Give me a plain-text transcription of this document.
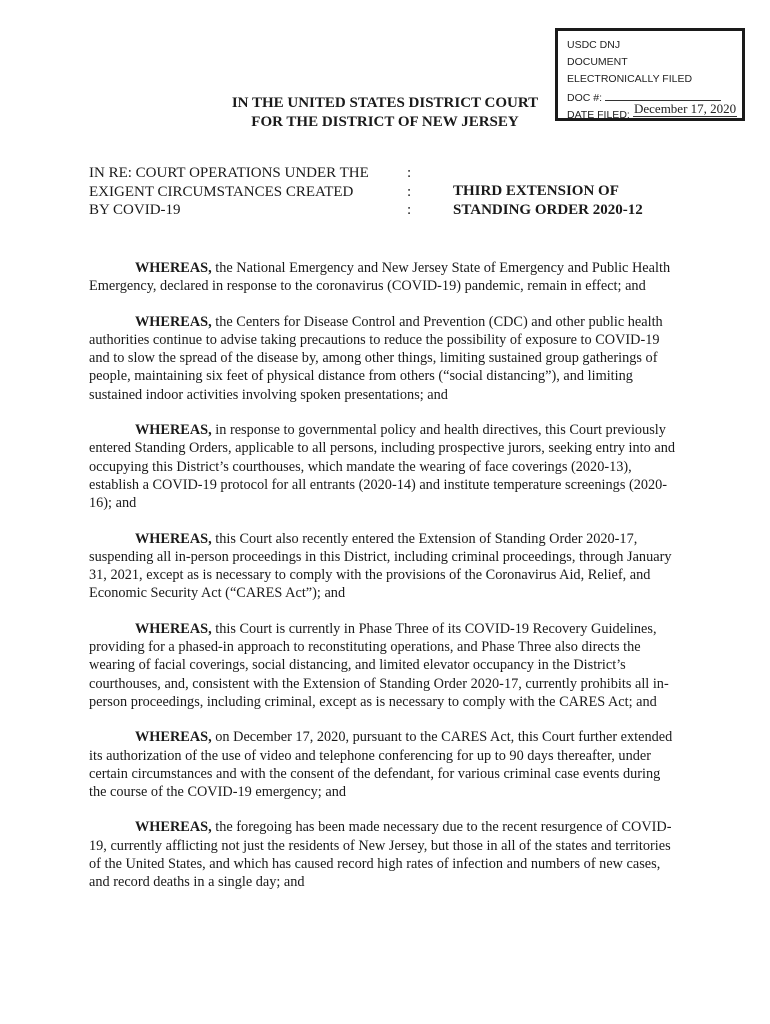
USDC DNJ
DOCUMENT
ELECTRONICALLY FILED
DOC #:
DATE FILED: December 17, 2020
IN THE UNITED STATES DISTRICT COURT
FOR THE DISTRICT OF NEW JERSEY
IN RE: COURT OPERATIONS UNDER THE
EXIGENT CIRCUMSTANCES CREATED
BY COVID-19
:
:
:
THIRD EXTENSION OF
STANDING ORDER 2020-12

WHEREAS, the National Emergency and New Jersey State of Emergency and Public Health Emergency, declared in response to the coronavirus (COVID-19) pandemic, remain in effect; and

WHEREAS, the Centers for Disease Control and Prevention (CDC) and other public health authorities continue to advise taking precautions to reduce the possibility of exposure to COVID-19 and to slow the spread of the disease by, among other things, limiting sustained group gatherings of people, maintaining six feet of physical distance from others (“social distancing”), and limiting sustained indoor activities involving spoken presentations; and

WHEREAS, in response to governmental policy and health directives, this Court previously entered Standing Orders, applicable to all persons, including prospective jurors, seeking entry into and occupying this District’s courthouses, which mandate the wearing of face coverings (2020-13), establish a COVID-19 protocol for all entrants (2020-14) and institute temperature screenings (2020-16); and

WHEREAS, this Court also recently entered the Extension of Standing Order 2020-17, suspending all in-person proceedings in this District, including criminal proceedings, through January 31, 2021, except as is necessary to comply with the provisions of the Coronavirus Aid, Relief, and Economic Security Act (“CARES Act”); and

WHEREAS, this Court is currently in Phase Three of its COVID-19 Recovery Guidelines, providing for a phased-in approach to reconstituting operations, and Phase Three also directs the wearing of facial coverings, social distancing, and limited elevator occupancy in the District’s courthouses, and, consistent with the Extension of Standing Order 2020-17, currently prohibits all in-person proceedings, including criminal, except as is necessary to comply with the CARES Act; and

WHEREAS, on December 17, 2020, pursuant to the CARES Act, this Court further extended its authorization of the use of video and telephone conferencing for up to 90 days thereafter, under certain circumstances and with the consent of the defendant, for various criminal case events during the course of the COVID-19 emergency; and

WHEREAS, the foregoing has been made necessary due to the recent resurgence of COVID-19, currently afflicting not just the residents of New Jersey, but those in all of the states and territories of the United States, and which has caused record high rates of infection and numbers of new cases, and record deaths in a single day; and
